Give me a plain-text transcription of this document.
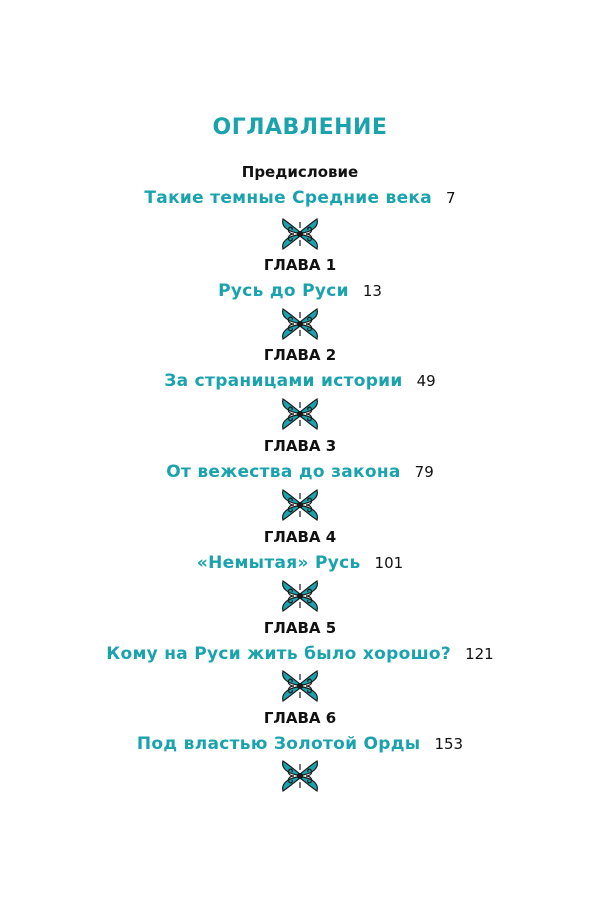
ОГЛАВЛЕНИЕ
Предисловие
Такие темные Средние века 7
ГЛАВА 1
Русь до Руси 13
ГЛАВА 2
За страницами истории 49
ГЛАВА 3
От вежества до закона 79
ГЛАВА 4
«Немытая» Русь 101
ГЛАВА 5
Кому на Руси жить было хорошо? 121
ГЛАВА 6
Под властью Золотой Орды 153
